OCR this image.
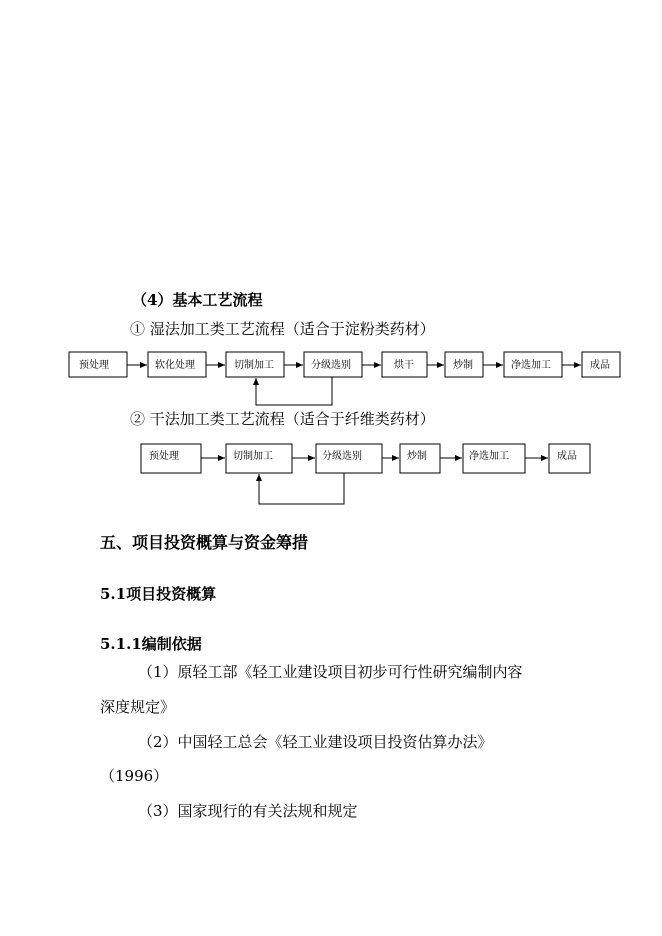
（4）基本工艺流程
① 湿法加工类工艺流程（适合于淀粉类药材）
预处理	软化处理	切制加工	分级选别	烘干	炒制	净选加工	成品
② 干法加工类工艺流程（适合于纤维类药材）
预处理	切制加工	分级选别	炒制	净选加工	成品
五、项目投资概算与资金筹措
5.1项目投资概算
5.1.1编制依据
（1）原轻工部《轻工业建设项目初步可行性研究编制内容
深度规定》
（2）中国轻工总会《轻工业建设项目投资估算办法》
（1996）
（3）国家现行的有关法规和规定
